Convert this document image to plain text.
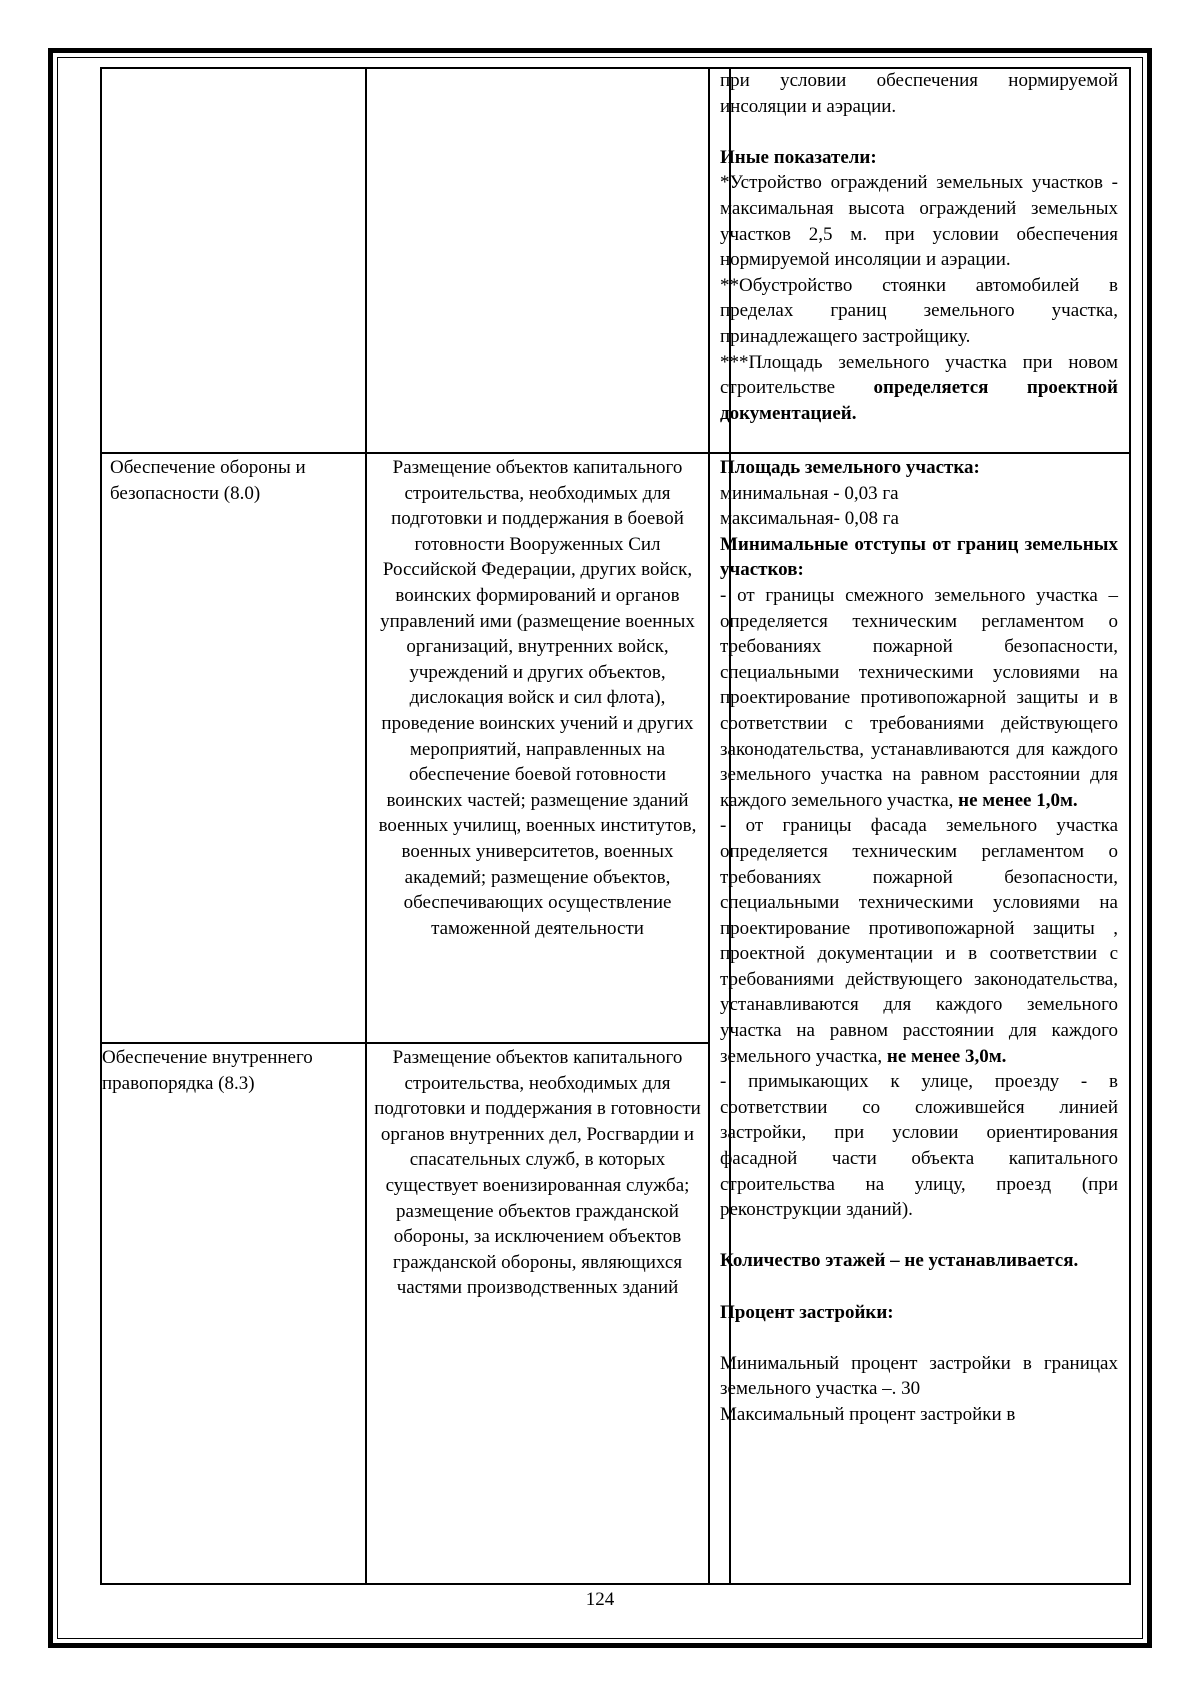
при условии обеспечения нормируемой инсоляции и аэрации.

Иные показатели:

*Устройство ограждений земельных участков - максимальная высота ограждений земельных участков 2,5 м. при условии обеспечения нормируемой инсоляции и аэрации.

**Обустройство стоянки автомобилей в пределах границ земельного участка, принадлежащего застройщику.

***Площадь земельного участка при новом строительстве определяется проектной документацией.

Обеспечение обороны и безопасности (8.0)
Размещение объектов капитального строительства, необходимых для подготовки и поддержания в боевой готовности Вооруженных Сил Российской Федерации, других войск, воинских формирований и органов управлений ими (размещение военных организаций, внутренних войск, учреждений и других объектов, дислокация войск и сил флота), проведение воинских учений и других мероприятий, направленных на обеспечение боевой готовности воинских частей; размещение зданий военных училищ, военных институтов, военных университетов, военных академий; размещение объектов, обеспечивающих осуществление таможенной деятельности
Обеспечение внутреннего правопорядка (8.3)
Размещение объектов капитального строительства, необходимых для подготовки и поддержания в готовности органов внутренних дел, Росгвардии и спасательных служб, в которых существует военизированная служба; размещение объектов гражданской обороны, за исключением объектов гражданской обороны, являющихся частями производственных зданий

Площадь земельного участка:

минимальная - 0,03 га

максимальная- 0,08 га

Минимальные отступы от границ земельных участков:

- от границы смежного земельного участка – определяется техническим регламентом о требованиях пожарной безопасности, специальными техническими условиями на проектирование противопожарной защиты и в соответствии с требованиями действующего законодательства, устанавливаются для каждого земельного участка на равном расстоянии для каждого земельного участка, не менее 1,0м.

- от границы фасада земельного участка определяется техническим регламентом о требованиях пожарной безопасности, специальными техническими условиями на проектирование противопожарной защиты , проектной документации и в соответствии с требованиями действующего законодательства, устанавливаются для каждого земельного участка на равном расстоянии для каждого земельного участка, не менее 3,0м.

- примыкающих к улице, проезду - в соответствии со сложившейся линией застройки, при условии ориентирования фасадной части объекта капитального строительства на улицу, проезд (при реконструкции зданий).

Количество этажей – не устанавливается.

Процент застройки:

Минимальный процент застройки в границах земельного участка –. 30

Максимальный процент застройки в

124
